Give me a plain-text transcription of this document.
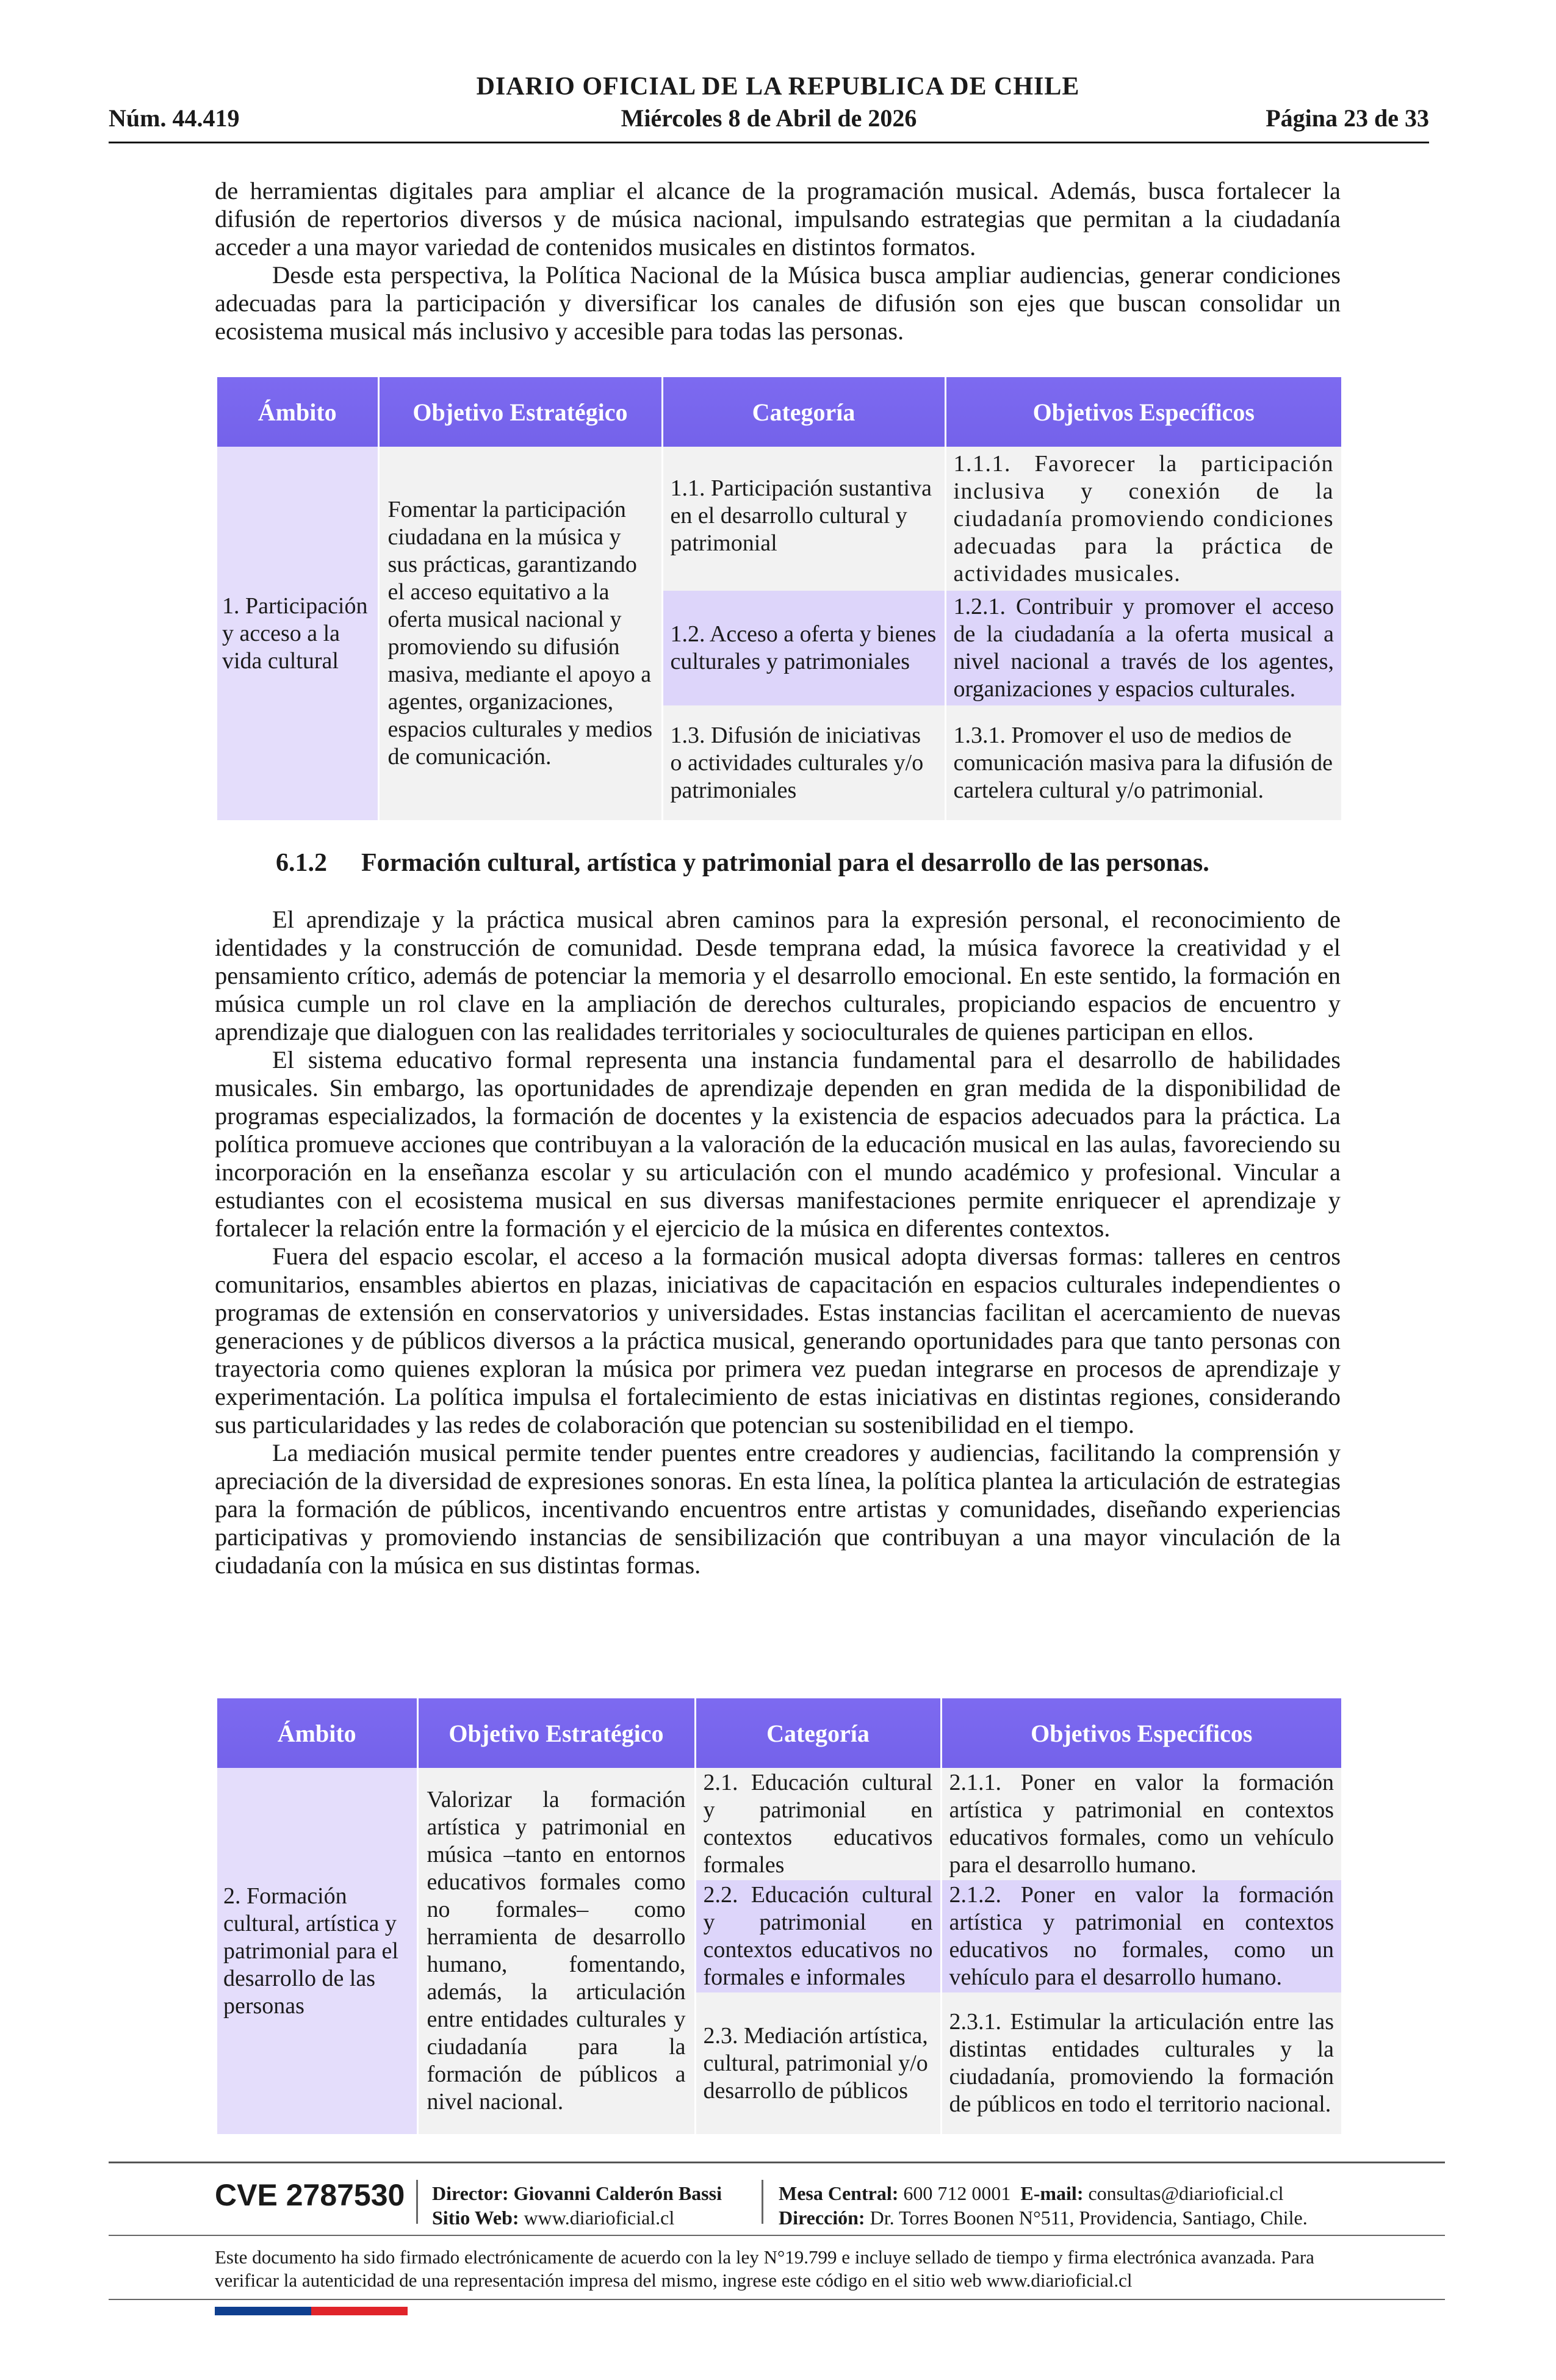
DIARIO OFICIAL DE LA REPUBLICA DE CHILE
Núm. 44.419	Miércoles 8 de Abril de 2026	Página 23 de 33

de herramientas digitales para ampliar el alcance de la programación musical. Además, busca fortalecer la difusión de repertorios diversos y de música nacional, impulsando estrategias que permitan a la ciudadanía acceder a una mayor variedad de contenidos musicales en distintos formatos.

Desde esta perspectiva, la Política Nacional de la Música busca ampliar audiencias, generar condiciones adecuadas para la participación y diversificar los canales de difusión son ejes que buscan consolidar un ecosistema musical más inclusivo y accesible para todas las personas.

Ámbito	Objetivo Estratégico	Categoría	Objetivos Específicos
1. Participación y acceso a la vida cultural	Fomentar la participación ciudadana en la música y sus prácticas, garantizando el acceso equitativo a la oferta musical nacional y promoviendo su difusión masiva, mediante el apoyo a agentes, organizaciones, espacios culturales y medios de comunicación.	1.1. Participación sustantiva en el desarrollo cultural y patrimonial	1.1.1. Favorecer la participación inclusiva y conexión de la ciudadanía promoviendo condiciones adecuadas para la práctica de actividades musicales.
		1.2. Acceso a oferta y bienes culturales y patrimoniales	1.2.1. Contribuir y promover el acceso de la ciudadanía a la oferta musical a nivel nacional a través de los agentes, organizaciones y espacios culturales.
		1.3. Difusión de iniciativas o actividades culturales y/o patrimoniales	1.3.1. Promover el uso de medios de comunicación masiva para la difusión de cartelera cultural y/o patrimonial.
6.1.2 Formación cultural, artística y patrimonial para el desarrollo de las personas.

El aprendizaje y la práctica musical abren caminos para la expresión personal, el reconocimiento de identidades y la construcción de comunidad. Desde temprana edad, la música favorece la creatividad y el pensamiento crítico, además de potenciar la memoria y el desarrollo emocional. En este sentido, la formación en música cumple un rol clave en la ampliación de derechos culturales, propiciando espacios de encuentro y aprendizaje que dialoguen con las realidades territoriales y socioculturales de quienes participan en ellos.

El sistema educativo formal representa una instancia fundamental para el desarrollo de habilidades musicales. Sin embargo, las oportunidades de aprendizaje dependen en gran medida de la disponibilidad de programas especializados, la formación de docentes y la existencia de espacios adecuados para la práctica. La política promueve acciones que contribuyan a la valoración de la educación musical en las aulas, favoreciendo su incorporación en la enseñanza escolar y su articulación con el mundo académico y profesional. Vincular a estudiantes con el ecosistema musical en sus diversas manifestaciones permite enriquecer el aprendizaje y fortalecer la relación entre la formación y el ejercicio de la música en diferentes contextos.

Fuera del espacio escolar, el acceso a la formación musical adopta diversas formas: talleres en centros comunitarios, ensambles abiertos en plazas, iniciativas de capacitación en espacios culturales independientes o programas de extensión en conservatorios y universidades. Estas instancias facilitan el acercamiento de nuevas generaciones y de públicos diversos a la práctica musical, generando oportunidades para que tanto personas con trayectoria como quienes exploran la música por primera vez puedan integrarse en procesos de aprendizaje y experimentación. La política impulsa el fortalecimiento de estas iniciativas en distintas regiones, considerando sus particularidades y las redes de colaboración que potencian su sostenibilidad en el tiempo.

La mediación musical permite tender puentes entre creadores y audiencias, facilitando la comprensión y apreciación de la diversidad de expresiones sonoras. En esta línea, la política plantea la articulación de estrategias para la formación de públicos, incentivando encuentros entre artistas y comunidades, diseñando experiencias participativas y promoviendo instancias de sensibilización que contribuyan a una mayor vinculación de la ciudadanía con la música en sus distintas formas.

Ámbito	Objetivo Estratégico	Categoría	Objetivos Específicos
2. Formación cultural, artística y patrimonial para el desarrollo de las personas	Valorizar la formación artística y patrimonial en música –tanto en entornos educativos formales como no formales– como herramienta de desarrollo humano, fomentando, además, la articulación entre entidades culturales y ciudadanía para la formación de públicos a nivel nacional.	2.1. Educación cultural y patrimonial en contextos educativos formales	2.1.1. Poner en valor la formación artística y patrimonial en contextos educativos formales, como un vehículo para el desarrollo humano.
		2.2. Educación cultural y patrimonial en contextos educativos no formales e informales	2.1.2. Poner en valor la formación artística y patrimonial en contextos educativos no formales, como un vehículo para el desarrollo humano.
		2.3. Mediación artística, cultural, patrimonial y/o desarrollo de públicos	2.3.1. Estimular la articulación entre las distintas entidades culturales y la ciudadanía, promoviendo la formación de públicos en todo el territorio nacional.
CVE 2787530 Director: Giovanni Calderón Bassi
Sitio Web: www.diarioficial.cl
Mesa Central: 600 712 0001 E-mail: consultas@diarioficial.cl
Dirección: Dr. Torres Boonen N°511, Providencia, Santiago, Chile.
Este documento ha sido firmado electrónicamente de acuerdo con la ley N°19.799 e incluye sellado de tiempo y firma electrónica avanzada. Para verificar la autenticidad de una representación impresa del mismo, ingrese este código en el sitio web www.diarioficial.cl
